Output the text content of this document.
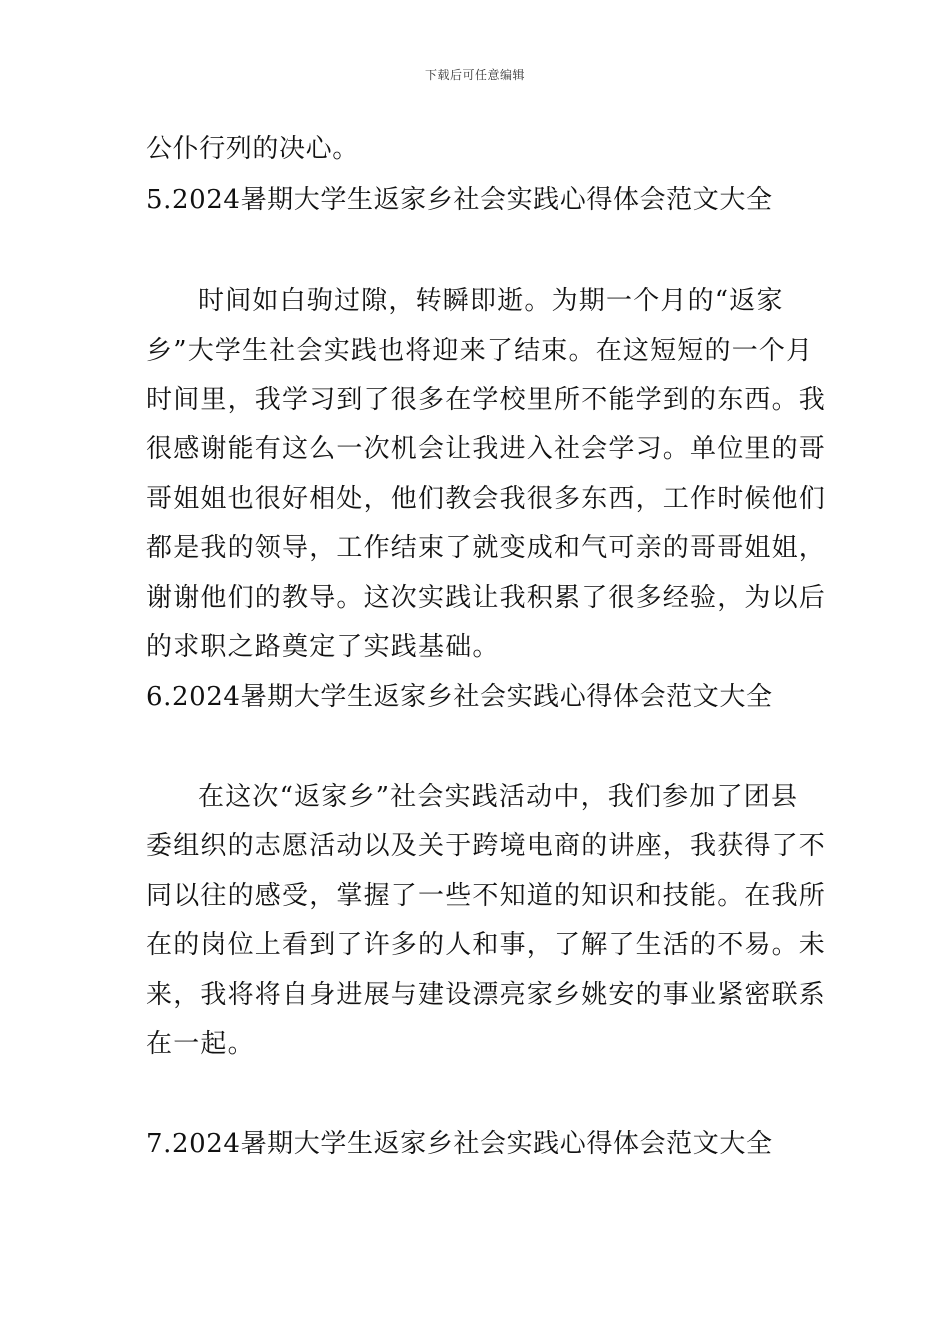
下载后可任意编辑
公仆行列的决心。
5.2024暑期大学生返家乡社会实践心得体会范文大全
时间如白驹过隙，转瞬即逝。为期一个月的“返家
乡”大学生社会实践也将迎来了结束。在这短短的一个月
时间里，我学习到了很多在学校里所不能学到的东西。我
很感谢能有这么一次机会让我进入社会学习。单位里的哥
哥姐姐也很好相处，他们教会我很多东西，工作时候他们
都是我的领导，工作结束了就变成和气可亲的哥哥姐姐，
谢谢他们的教导。这次实践让我积累了很多经验，为以后
的求职之路奠定了实践基础。
6.2024暑期大学生返家乡社会实践心得体会范文大全
在这次“返家乡”社会实践活动中，我们参加了团县
委组织的志愿活动以及关于跨境电商的讲座，我获得了不
同以往的感受，掌握了一些不知道的知识和技能。在我所
在的岗位上看到了许多的人和事，了解了生活的不易。未
来，我将将自身进展与建设漂亮家乡姚安的事业紧密联系
在一起。
7.2024暑期大学生返家乡社会实践心得体会范文大全
